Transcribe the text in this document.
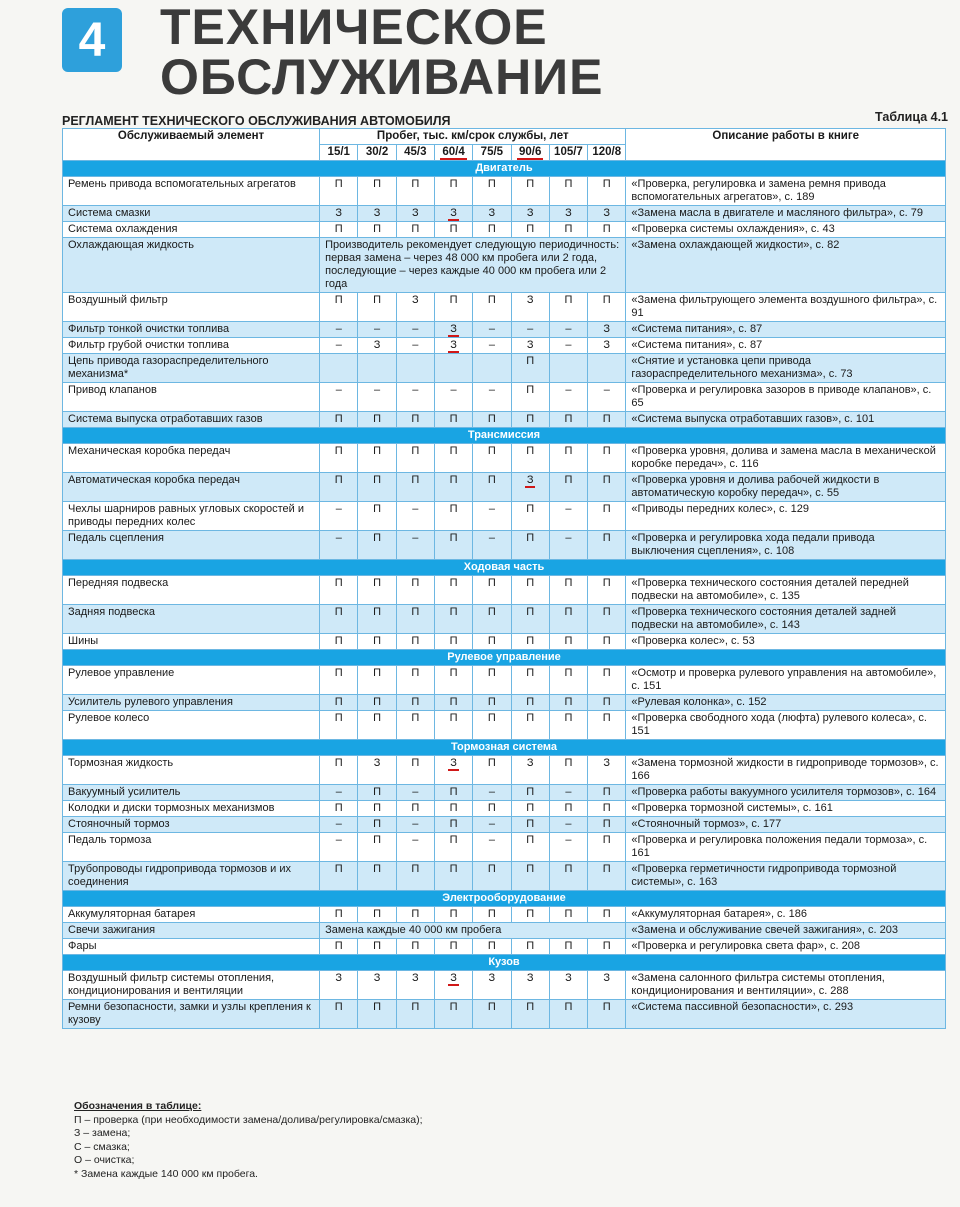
4	ТЕХНИЧЕСКОЕ
ОБСЛУЖИВАНИЕ
РЕГЛАМЕНТ ТЕХНИЧЕСКОГО ОБСЛУЖИВАНИЯ АВТОМОБИЛЯ	Таблица 4.1
Обслуживаемый элемент	Пробег, тыс. км/срок службы, лет								Описание работы в книге
	15/1	30/2	45/3	60/4	75/5	90/6	105/7	120/8	
Двигатель									
Ремень привода вспомогательных агрегатов	П	П	П	П	П	П	П	П	«Проверка, регулировка и замена ремня привода вспомогательных агрегатов», с. 189
Система смазки	З	З	З	З	З	З	З	З	«Замена масла в двигателе и масляного фильтра», с. 79
Система охлаждения	П	П	П	П	П	П	П	П	«Проверка системы охлаждения», с. 43
Охлаждающая жидкость	Производитель рекомендует следующую периодичность: первая замена – через 48 000 км пробега или 2 года, последующие – через каждые 40 000 км пробега или 2 года								«Замена охлаждающей жидкости», с. 82
Воздушный фильтр	П	П	З	П	П	З	П	П	«Замена фильтрующего элемента воздушного фильтра», с. 91
Фильтр тонкой очистки топлива	–	–	–	З	–	–	–	З	«Система питания», с. 87
Фильтр грубой очистки топлива	–	З	–	З	–	З	–	З	«Система питания», с. 87
Цепь привода газораспределительного механизма*						П			«Снятие и установка цепи привода газораспределительного механизма», с. 73
Привод клапанов	–	–	–	–	–	П	–	–	«Проверка и регулировка зазоров в приводе клапанов», с. 65
Система выпуска отработавших газов	П	П	П	П	П	П	П	П	«Система выпуска отработавших газов», с. 101
Трансмиссия									
Механическая коробка передач	П	П	П	П	П	П	П	П	«Проверка уровня, долива и замена масла в механической коробке передач», с. 116
Автоматическая коробка передач	П	П	П	П	П	З	П	П	«Проверка уровня и долива рабочей жидкости в автоматическую коробку передач», с. 55
Чехлы шарниров равных угловых скоростей и приводы передних колес	–	П	–	П	–	П	–	П	«Приводы передних колес», с. 129
Педаль сцепления	–	П	–	П	–	П	–	П	«Проверка и регулировка хода педали привода выключения сцепления», с. 108
Ходовая часть									
Передняя подвеска	П	П	П	П	П	П	П	П	«Проверка технического состояния деталей передней подвески на автомобиле», с. 135
Задняя подвеска	П	П	П	П	П	П	П	П	«Проверка технического состояния деталей задней подвески на автомобиле», с. 143
Шины	П	П	П	П	П	П	П	П	«Проверка колес», с. 53
Рулевое управление									
Рулевое управление	П	П	П	П	П	П	П	П	«Осмотр и проверка рулевого управления на автомобиле», с. 151
Усилитель рулевого управления	П	П	П	П	П	П	П	П	«Рулевая колонка», с. 152
Рулевое колесо	П	П	П	П	П	П	П	П	«Проверка свободного хода (люфта) рулевого колеса», с. 151
Тормозная система									
Тормозная жидкость	П	З	П	З	П	З	П	З	«Замена тормозной жидкости в гидроприводе тормозов», с. 166
Вакуумный усилитель	–	П	–	П	–	П	–	П	«Проверка работы вакуумного усилителя тормозов», с. 164
Колодки и диски тормозных механизмов	П	П	П	П	П	П	П	П	«Проверка тормозной системы», с. 161
Стояночный тормоз	–	П	–	П	–	П	–	П	«Стояночный тормоз», с. 177
Педаль тормоза	–	П	–	П	–	П	–	П	«Проверка и регулировка положения педали тормоза», с. 161
Трубопроводы гидропривода тормозов и их соединения	П	П	П	П	П	П	П	П	«Проверка герметичности гидропривода тормозной системы», с. 163
Электрооборудование									
Аккумуляторная батарея	П	П	П	П	П	П	П	П	«Аккумуляторная батарея», с. 186
Свечи зажигания	Замена каждые 40 000 км пробега								«Замена и обслуживание свечей зажигания», с. 203
Фары	П	П	П	П	П	П	П	П	«Проверка и регулировка света фар», с. 208
Кузов									
Воздушный фильтр системы отопления, кондиционирования и вентиляции	З	З	З	З	З	З	З	З	«Замена салонного фильтра системы отопления, кондиционирования и вентиляции», с. 288
Ремни безопасности, замки и узлы крепления к кузову	П	П	П	П	П	П	П	П	«Система пассивной безопасности», с. 293
Обозначения в таблице:
П – проверка (при необходимости замена/долива/регулировка/смазка);
З – замена;
С – смазка;
О – очистка;
* Замена каждые 140 000 км пробега.
